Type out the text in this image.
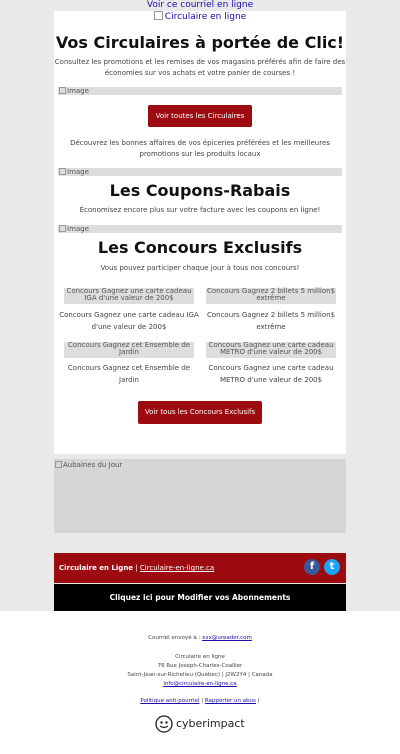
Voir ce courriel en ligne
Circulaire en ligne
Vos Circulaires à portée de Clic!
Consultez les promotions et les remises de vos magasins préférés afin de faire des économies sur vos achats et votre panier de courses !
Image
Voir toutes les Circulaires
Découvrez les bonnes affaires de vos épiceries préférées et les meilleures promotions sur les produits locaux
Image
Les Coupons-Rabais
Économisez encore plus sur votre facture avec les coupons en ligne!
Image
Les Concours Exclusifs
Vous pouvez participer chaque jour à tous nos concours!
Concours Gagnez une carte cadeau IGA d'une valeur de 200$
Concours Gagnez une carte cadeau IGA d'une valeur de 200$
Concours Gagnez 2 billets 5 million$ extrême
Concours Gagnez 2 billets 5 million$ extrême
Concours Gagnez cet Ensemble de Jardin
Concours Gagnez cet Ensemble de Jardin
Concours Gagnez une carte cadeau METRO d'une valeur de 200$
Concours Gagnez une carte cadeau METRO d'une valeur de 200$
Voir tous les Concours Exclusifs
Aubaines du Jour
Circulaire en Ligne | Circulaire-en-ligne.ca	f	t
Cliquez ici pour Modifier vos Abonnements
Courriel envoyé à : xxx@ureader.com
Circulaire en ligne
76 Rue Joseph-Charles-Coallier
Saint-Jean-sur-Richelieu (Québec) | J2W2Y4 | Canada
info@circulaire-en-ligne.ca
Politique anti-pourriel | Rapporter un abus |
cyberimpact
